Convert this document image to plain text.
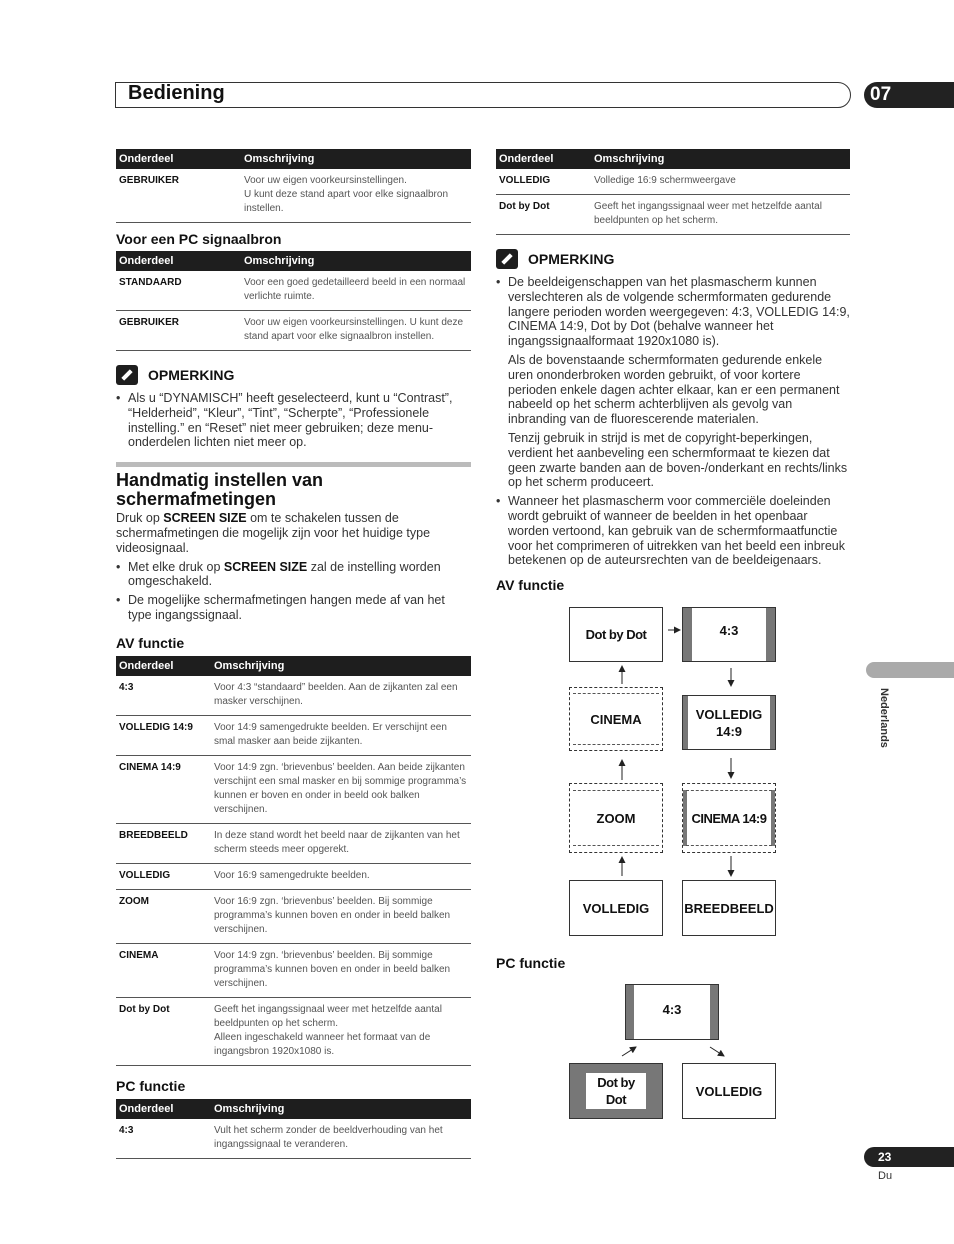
Bediening	07
Onderdeel	Omschrijving
GEBRUIKER	Voor uw eigen voorkeursinstellingen.
U kunt deze stand apart voor elke signaalbron instellen.
Voor een PC signaalbron
Onderdeel	Omschrijving
STANDAARD	Voor een goed gedetailleerd beeld in een normaal verlichte ruimte.
GEBRUIKER	Voor uw eigen voorkeursinstellingen. U kunt deze stand apart voor elke signaalbron instellen.
OPMERKING
• Als u “DYNAMISCH” heeft geselecteerd, kunt u “Contrast”, “Helderheid”, “Kleur”, “Tint”, “Scherpte”, “Professionele instelling.” en “Reset” niet meer gebruiken; deze menu-onderdelen lichten niet meer op.
Handmatig instellen van schermafmetingen
Druk op SCREEN SIZE om te schakelen tussen de schermafmetingen die mogelijk zijn voor het huidige type videosignaal.
• Met elke druk op SCREEN SIZE zal de instelling worden omgeschakeld.
• De mogelijke schermafmetingen hangen mede af van het type ingangssignaal.
AV functie
Onderdeel	Omschrijving
4:3	Voor 4:3 “standaard” beelden. Aan de zijkanten zal een masker verschijnen.
VOLLEDIG 14:9	Voor 14:9 samengedrukte beelden. Er verschijnt een smal masker aan beide zijkanten.
CINEMA 14:9	Voor 14:9 zgn. ‘brievenbus’ beelden. Aan beide zijkanten verschijnt een smal masker en bij sommige programma’s kunnen er boven en onder in beeld ook balken verschijnen.
BREEDBEELD	In deze stand wordt het beeld naar de zijkanten van het scherm steeds meer opgerekt.
VOLLEDIG	Voor 16:9 samengedrukte beelden.
ZOOM	Voor 16:9 zgn. ‘brievenbus’ beelden. Bij sommige programma’s kunnen boven en onder in beeld balken verschijnen.
CINEMA	Voor 14:9 zgn. ‘brievenbus’ beelden. Bij sommige programma’s kunnen boven en onder in beeld balken verschijnen.
Dot by Dot	Geeft het ingangssignaal weer met hetzelfde aantal beeldpunten op het scherm.
Alleen ingeschakeld wanneer het formaat van de ingangsbron 1920x1080 is.
PC functie
Onderdeel	Omschrijving
4:3	Vult het scherm zonder de beeldverhouding van het ingangssignaal te veranderen.
Onderdeel	Omschrijving
VOLLEDIG	Volledige 16:9 schermweergave
Dot by Dot	Geeft het ingangssignaal weer met hetzelfde aantal beeldpunten op het scherm.
OPMERKING
• De beeldeigenschappen van het plasmascherm kunnen verslechteren als de volgende schermformaten gedurende langere perioden worden weergegeven: 4:3, VOLLEDIG 14:9, CINEMA 14:9, Dot by Dot (behalve wanneer het ingangssignaalformaat 1920x1080 is).
Als de bovenstaande schermformaten gedurende enkele uren ononderbroken worden gebruikt, of voor kortere perioden enkele dagen achter elkaar, kan er een permanent nabeeld op het scherm achterblijven als gevolg van inbranding van de fluorescerende materialen.
Tenzij gebruik in strijd is met de copyright-beperkingen, verdient het aanbeveling een schermformaat te kiezen dat geen zwarte banden aan de boven-/onderkant en rechts/links op het scherm produceert.
• Wanneer het plasmascherm voor commerciële doeleinden wordt gebruikt of wanneer de beelden in het openbaar worden vertoond, kan gebruik van de schermformaatfunctie voor het comprimeren of uitrekken van het beeld een inbreuk betekenen op de auteursrechten van de beeldeigenaars.
AV functie
Dot by Dot	4:3
CINEMA	VOLLEDIG
14:9
ZOOM	CINEMA 14:9
VOLLEDIG	BREEDBEELD
PC functie
4:3
Dot by Dot
VOLLEDIG
Nederlands
23
Du
